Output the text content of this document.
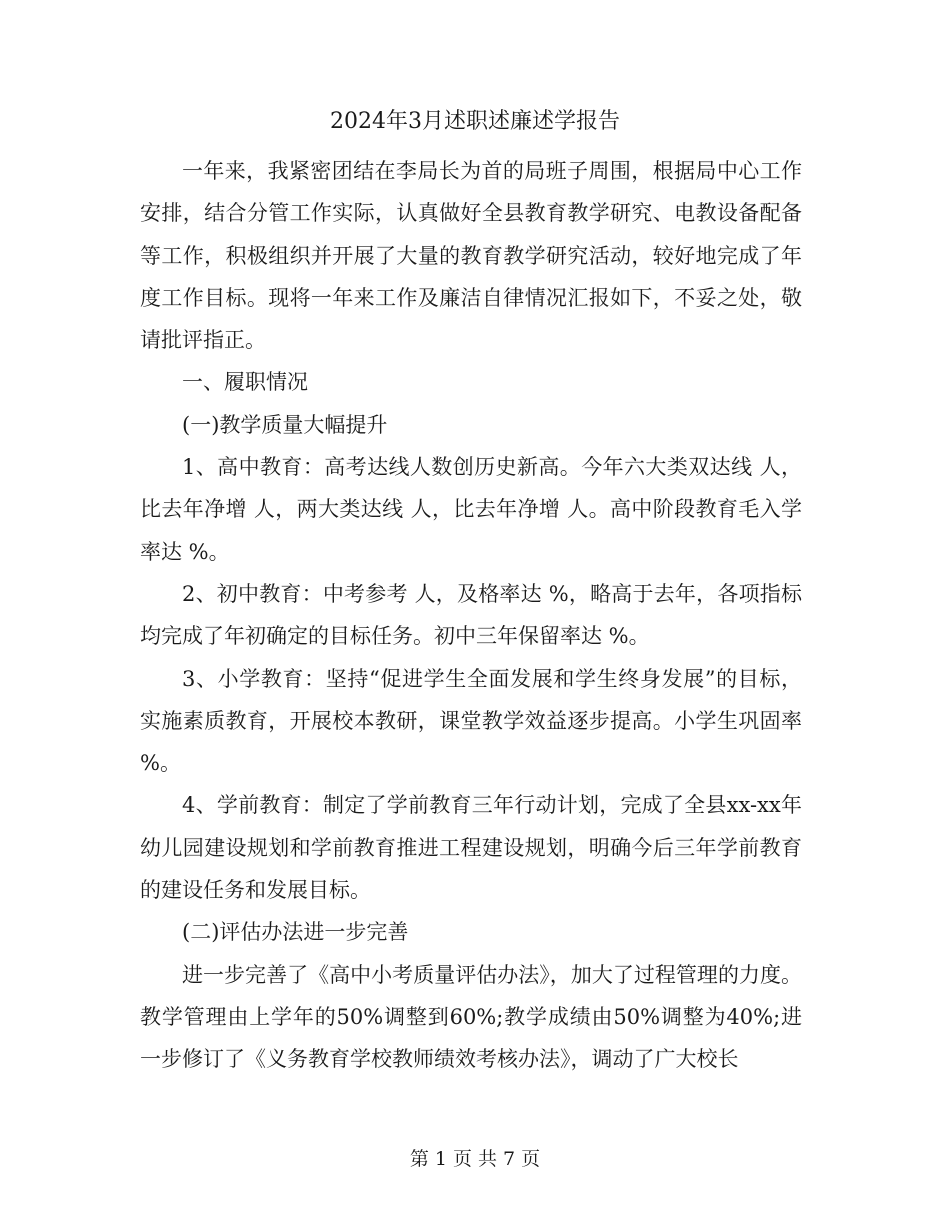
2024年3月述职述廉述学报告

一年来，我紧密团结在李局长为首的局班子周围，根据局中心工作安排，结合分管工作实际，认真做好全县教育教学研究、电教设备配备等工作，积极组织并开展了大量的教育教学研究活动，较好地完成了年度工作目标。现将一年来工作及廉洁自律情况汇报如下，不妥之处，敬请批评指正。

一、履职情况

(一)教学质量大幅提升

1、高中教育：高考达线人数创历史新高。今年六大类双达线 人，比去年净增 人，两大类达线 人，比去年净增 人。高中阶段教育毛入学率达 %。

2、初中教育：中考参考 人，及格率达 %，略高于去年，各项指标均完成了年初确定的目标任务。初中三年保留率达 %。

3、小学教育：坚持“促进学生全面发展和学生终身发展”的目标，实施素质教育，开展校本教研，课堂教学效益逐步提高。小学生巩固率 %。

4、学前教育：制定了学前教育三年行动计划，完成了全县xx-xx年幼儿园建设规划和学前教育推进工程建设规划，明确今后三年学前教育的建设任务和发展目标。

(二)评估办法进一步完善

进一步完善了《高中小考质量评估办法》，加大了过程管理的力度。教学管理由上学年的50%调整到60%;教学成绩由50%调整为40%;进一步修订了《义务教育学校教师绩效考核办法》，调动了广大校长

第 1 页 共 7 页
